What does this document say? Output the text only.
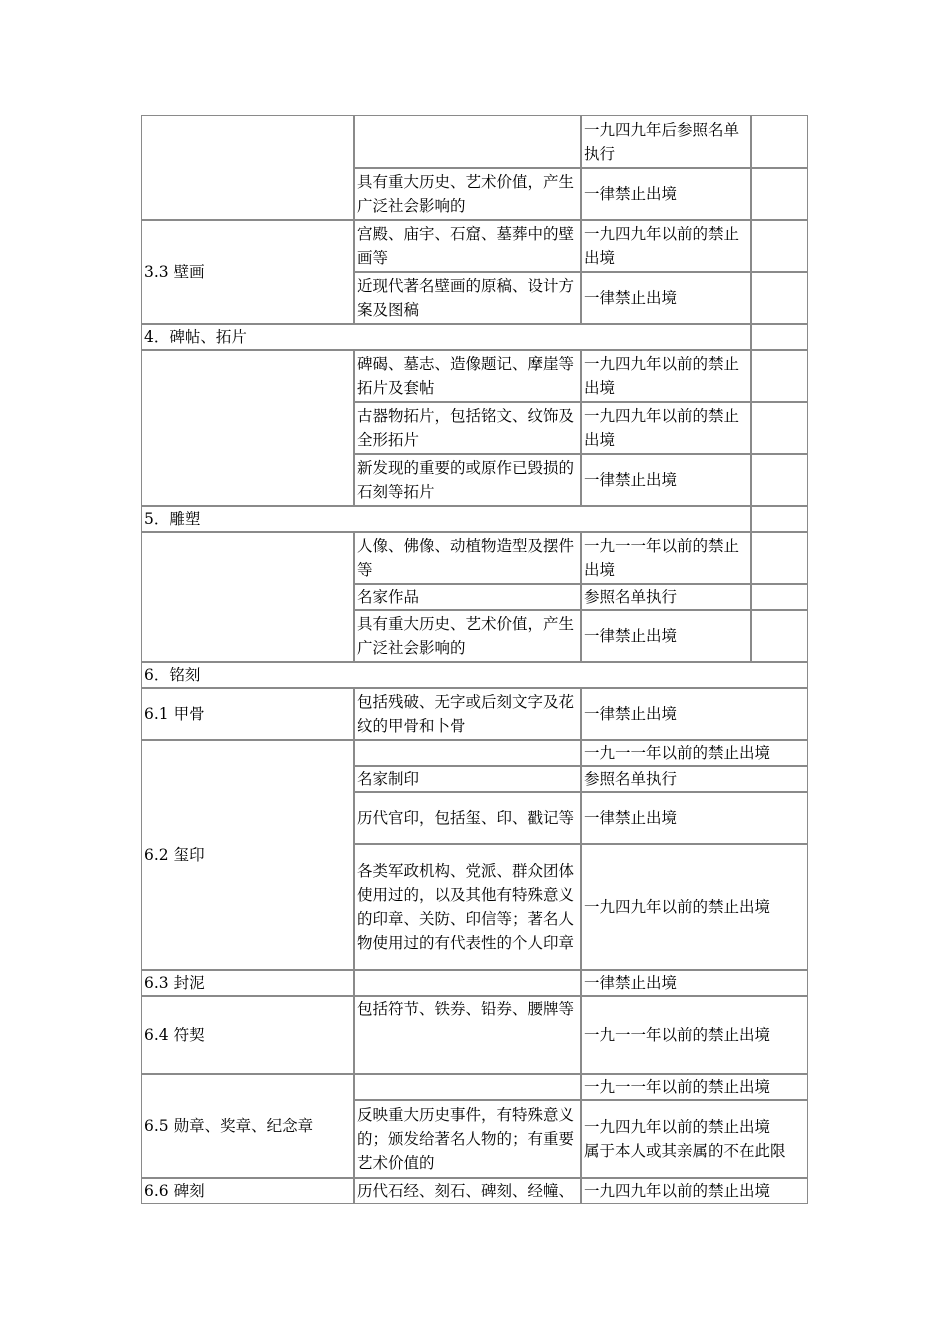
		一九四九年后参照名单执行	
	具有重大历史、艺术价值，产生广泛社会影响的	一律禁止出境	
3.3 壁画	宫殿、庙宇、石窟、墓葬中的壁画等	一九四九年以前的禁止出境	
	近现代著名壁画的原稿、设计方案及图稿	一律禁止出境	
4．碑帖、拓片			
	碑碣、墓志、造像题记、摩崖等拓片及套帖	一九四九年以前的禁止出境	
	古器物拓片，包括铭文、纹饰及全形拓片	一九四九年以前的禁止出境	
	新发现的重要的或原作已毁损的石刻等拓片	一律禁止出境	
5．雕塑			
	人像、佛像、动植物造型及摆件等	一九一一年以前的禁止出境	
	名家作品	参照名单执行	
	具有重大历史、艺术价值，产生广泛社会影响的	一律禁止出境	
6．铭刻			
6.1 甲骨	包括残破、无字或后刻文字及花纹的甲骨和卜骨	一律禁止出境	
6.2 玺印		一九一一年以前的禁止出境	
	名家制印	参照名单执行	
	历代官印，包括玺、印、戳记等	一律禁止出境	
	各类军政机构、党派、群众团体使用过的，以及其他有特殊意义的印章、关防、印信等；著名人物使用过的有代表性的个人印章	一九四九年以前的禁止出境	
6.3 封泥		一律禁止出境	
6.4 符契	包括符节、铁券、铅券、腰牌等	一九一一年以前的禁止出境	
6.5 勋章、奖章、纪念章		一九一一年以前的禁止出境	
	反映重大历史事件，有特殊意义的；颁发给著名人物的；有重要艺术价值的	一九四九年以前的禁止出境
属于本人或其亲属的不在此限	

6.6 碑刻	历代石经、刻石、碑刻、经幢、	一九四九年以前的禁止出境	
